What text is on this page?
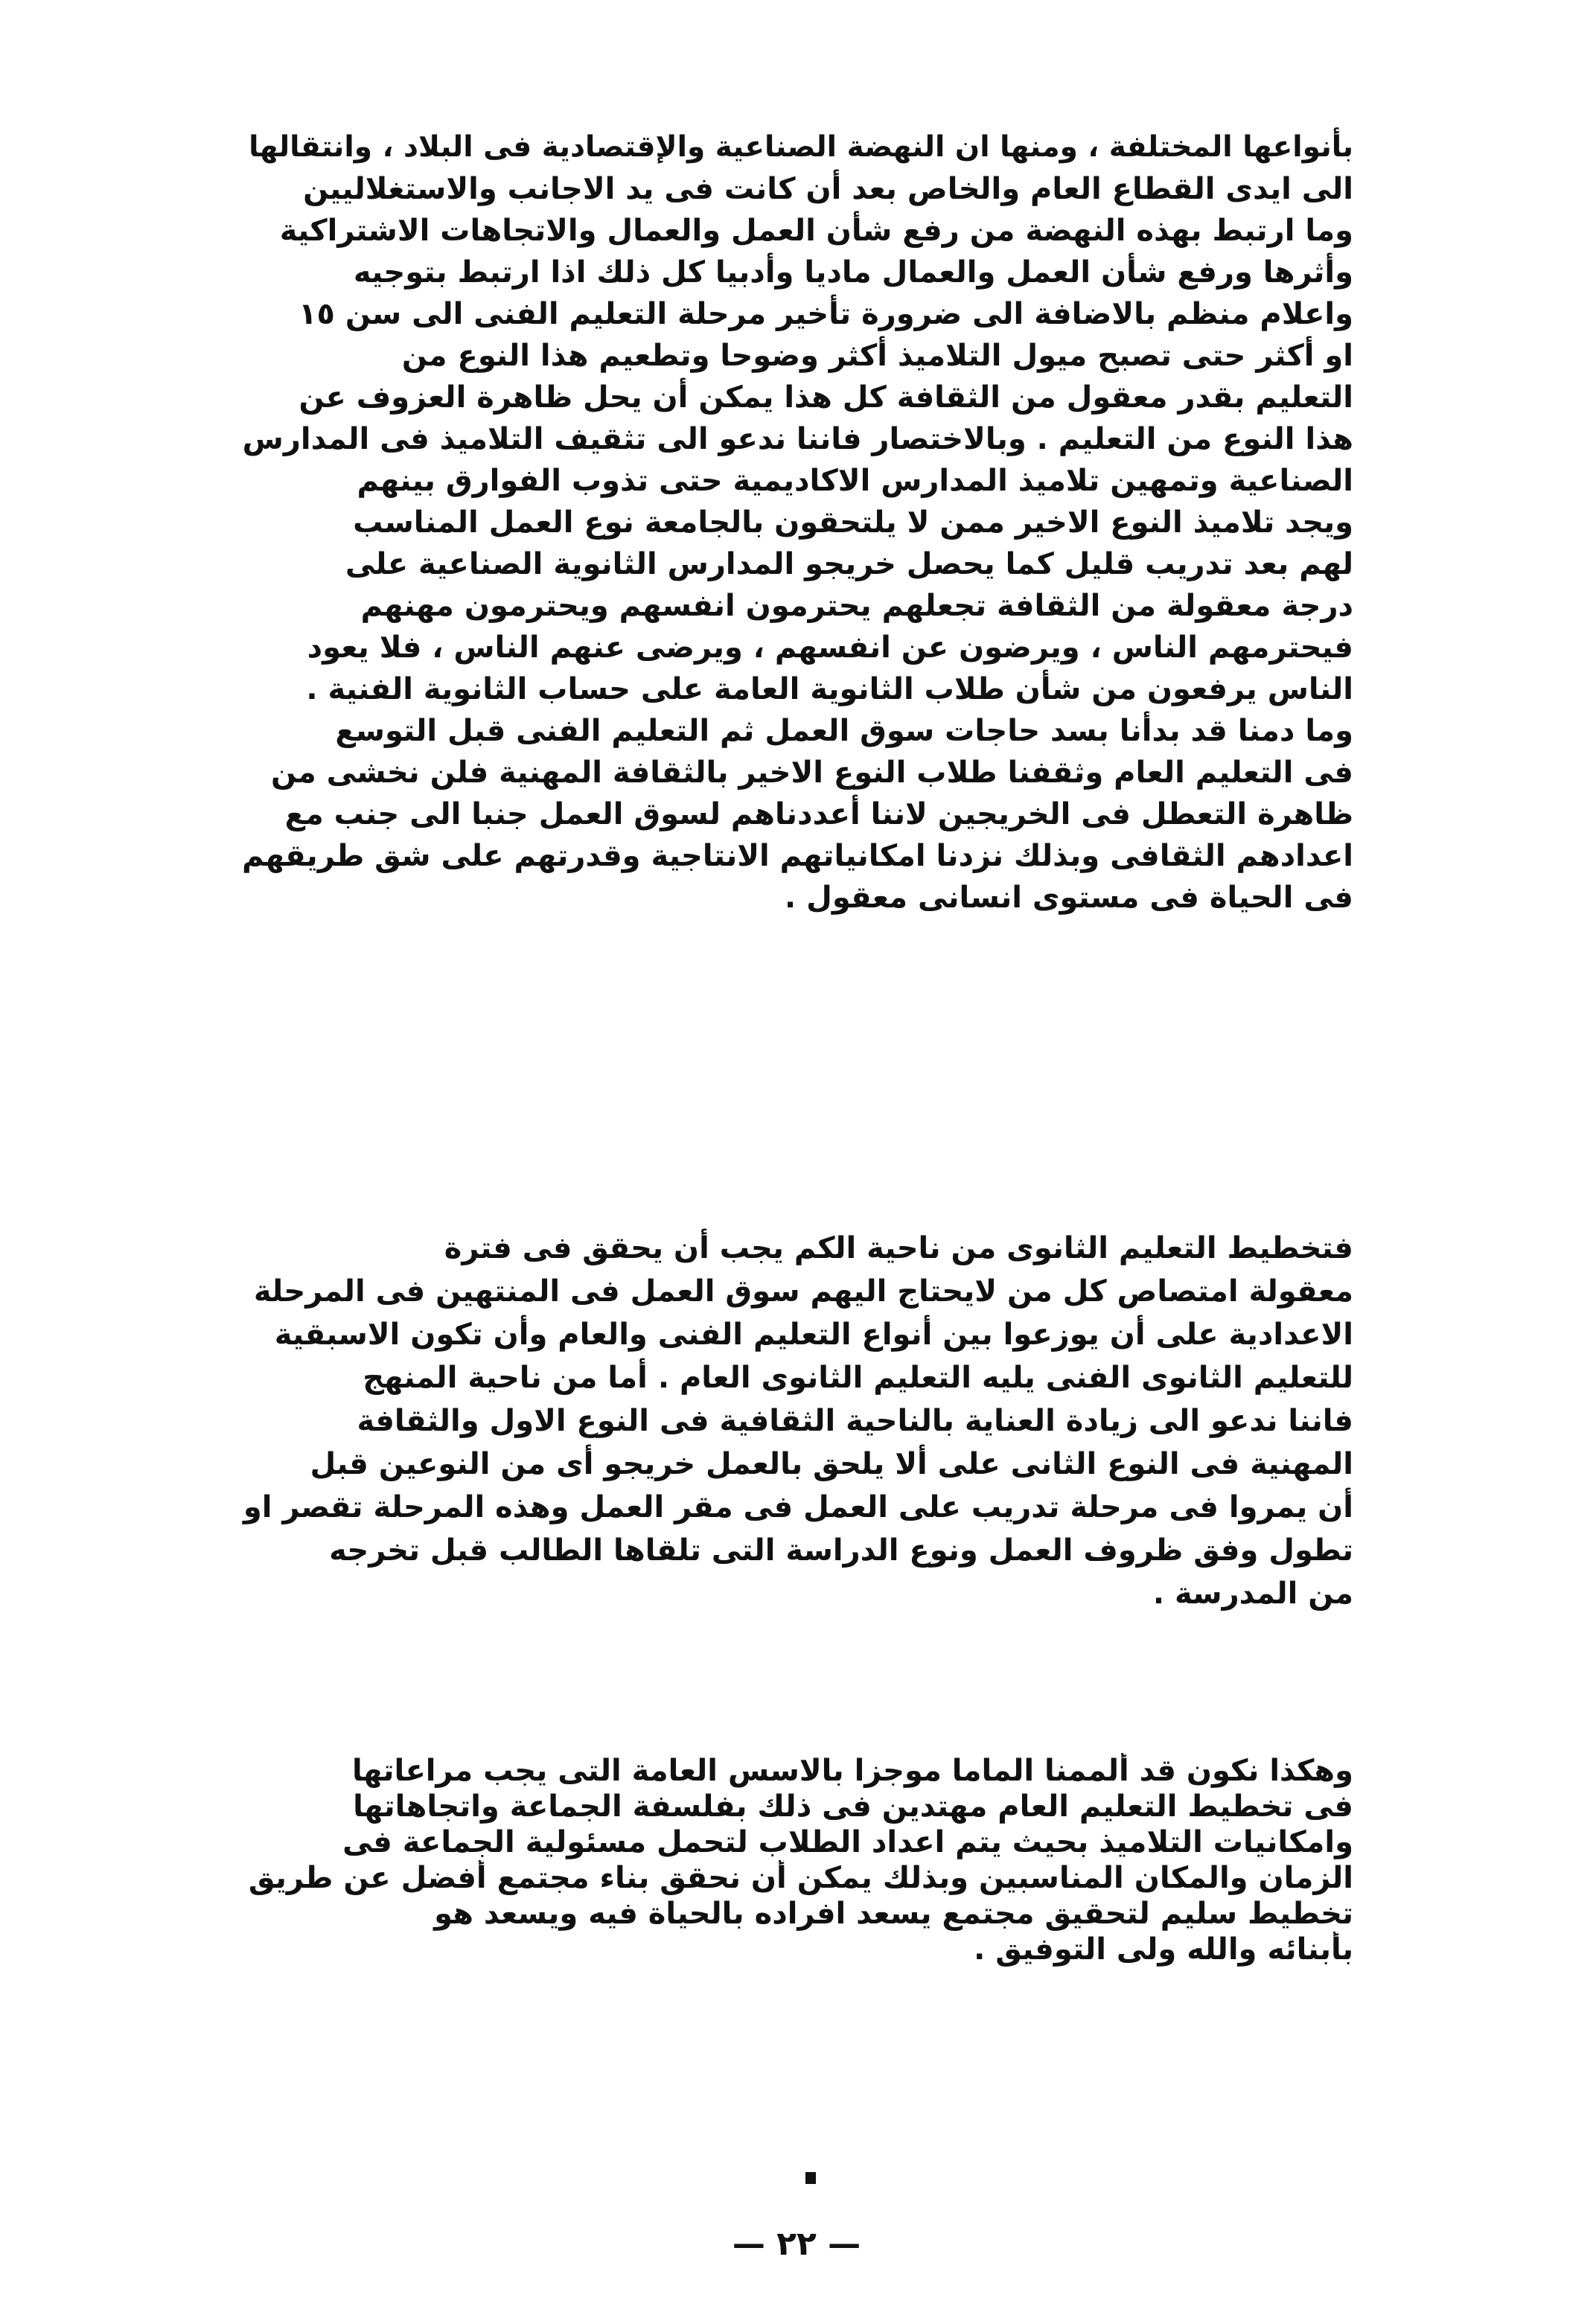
بأنواعها المختلفة ، ومنها ان النهضة الصناعية والإقتصادية فى البلاد ، وانتقالها

الى ايدى القطاع العام والخاص بعد أن كانت فى يد الاجانب والاستغلاليين

وما ارتبط بهذه النهضة من رفع شأن العمل والعمال والاتجاهات الاشتراكية

وأثرها ورفع شأن العمل والعمال ماديا وأدبيا كل ذلك اذا ارتبط بتوجيه

واعلام منظم بالاضافة الى ضرورة تأخير مرحلة التعليم الفنى الى سن ١٥

او أكثر حتى تصبح ميول التلاميذ أكثر وضوحا وتطعيم هذا النوع من

التعليم بقدر معقول من الثقافة كل هذا يمكن أن يحل ظاهرة العزوف عن

هذا النوع من التعليم . وبالاختصار فاننا ندعو الى تثقيف التلاميذ فى المدارس

الصناعية وتمهين تلاميذ المدارس الاكاديمية حتى تذوب الفوارق بينهم

ويجد تلاميذ النوع الاخير ممن لا يلتحقون بالجامعة نوع العمل المناسب

لهم بعد تدريب قليل كما يحصل خريجو المدارس الثانوية الصناعية على

درجة معقولة من الثقافة تجعلهم يحترمون انفسهم ويحترمون مهنهم

فيحترمهم الناس ، ويرضون عن انفسهم ، ويرضى عنهم الناس ، فلا يعود

الناس يرفعون من شأن طلاب الثانوية العامة على حساب الثانوية الفنية .

وما دمنا قد بدأنا بسد حاجات سوق العمل ثم التعليم الفنى قبل التوسع

فى التعليم العام وثقفنا طلاب النوع الاخير بالثقافة المهنية فلن نخشى من

ظاهرة التعطل فى الخريجين لاننا أعددناهم لسوق العمل جنبا الى جنب مع

اعدادهم الثقافى وبذلك نزدنا امكانياتهم الانتاجية وقدرتهم على شق طريقهم

فى الحياة فى مستوى انسانى معقول .

فتخطيط التعليم الثانوى من ناحية الكم يجب أن يحقق فى فترة

معقولة امتصاص كل من لايحتاج اليهم سوق العمل فى المنتهين فى المرحلة

الاعدادية على أن يوزعوا بين أنواع التعليم الفنى والعام وأن تكون الاسبقية

للتعليم الثانوى الفنى يليه التعليم الثانوى العام . أما من ناحية المنهج

فاننا ندعو الى زيادة العناية بالناحية الثقافية فى النوع الاول والثقافة

المهنية فى النوع الثانى على ألا يلحق بالعمل خريجو أى من النوعين قبل

أن يمروا فى مرحلة تدريب على العمل فى مقر العمل وهذه المرحلة تقصر او

تطول وفق ظروف العمل ونوع الدراسة التى تلقاها الطالب قبل تخرجه

من المدرسة .

وهكذا نكون قد ألممنا الماما موجزا بالاسس العامة التى يجب مراعاتها

فى تخطيط التعليم العام مهتدين فى ذلك بفلسفة الجماعة واتجاهاتها

وامكانيات التلاميذ بحيث يتم اعداد الطلاب لتحمل مسئولية الجماعة فى

الزمان والمكان المناسبين وبذلك يمكن أن نحقق بناء مجتمع أفضل عن طريق

تخطيط سليم لتحقيق مجتمع يسعد افراده بالحياة فيه ويسعد هو

بأبنائه والله ولى التوفيق .

— ٢٢ —
